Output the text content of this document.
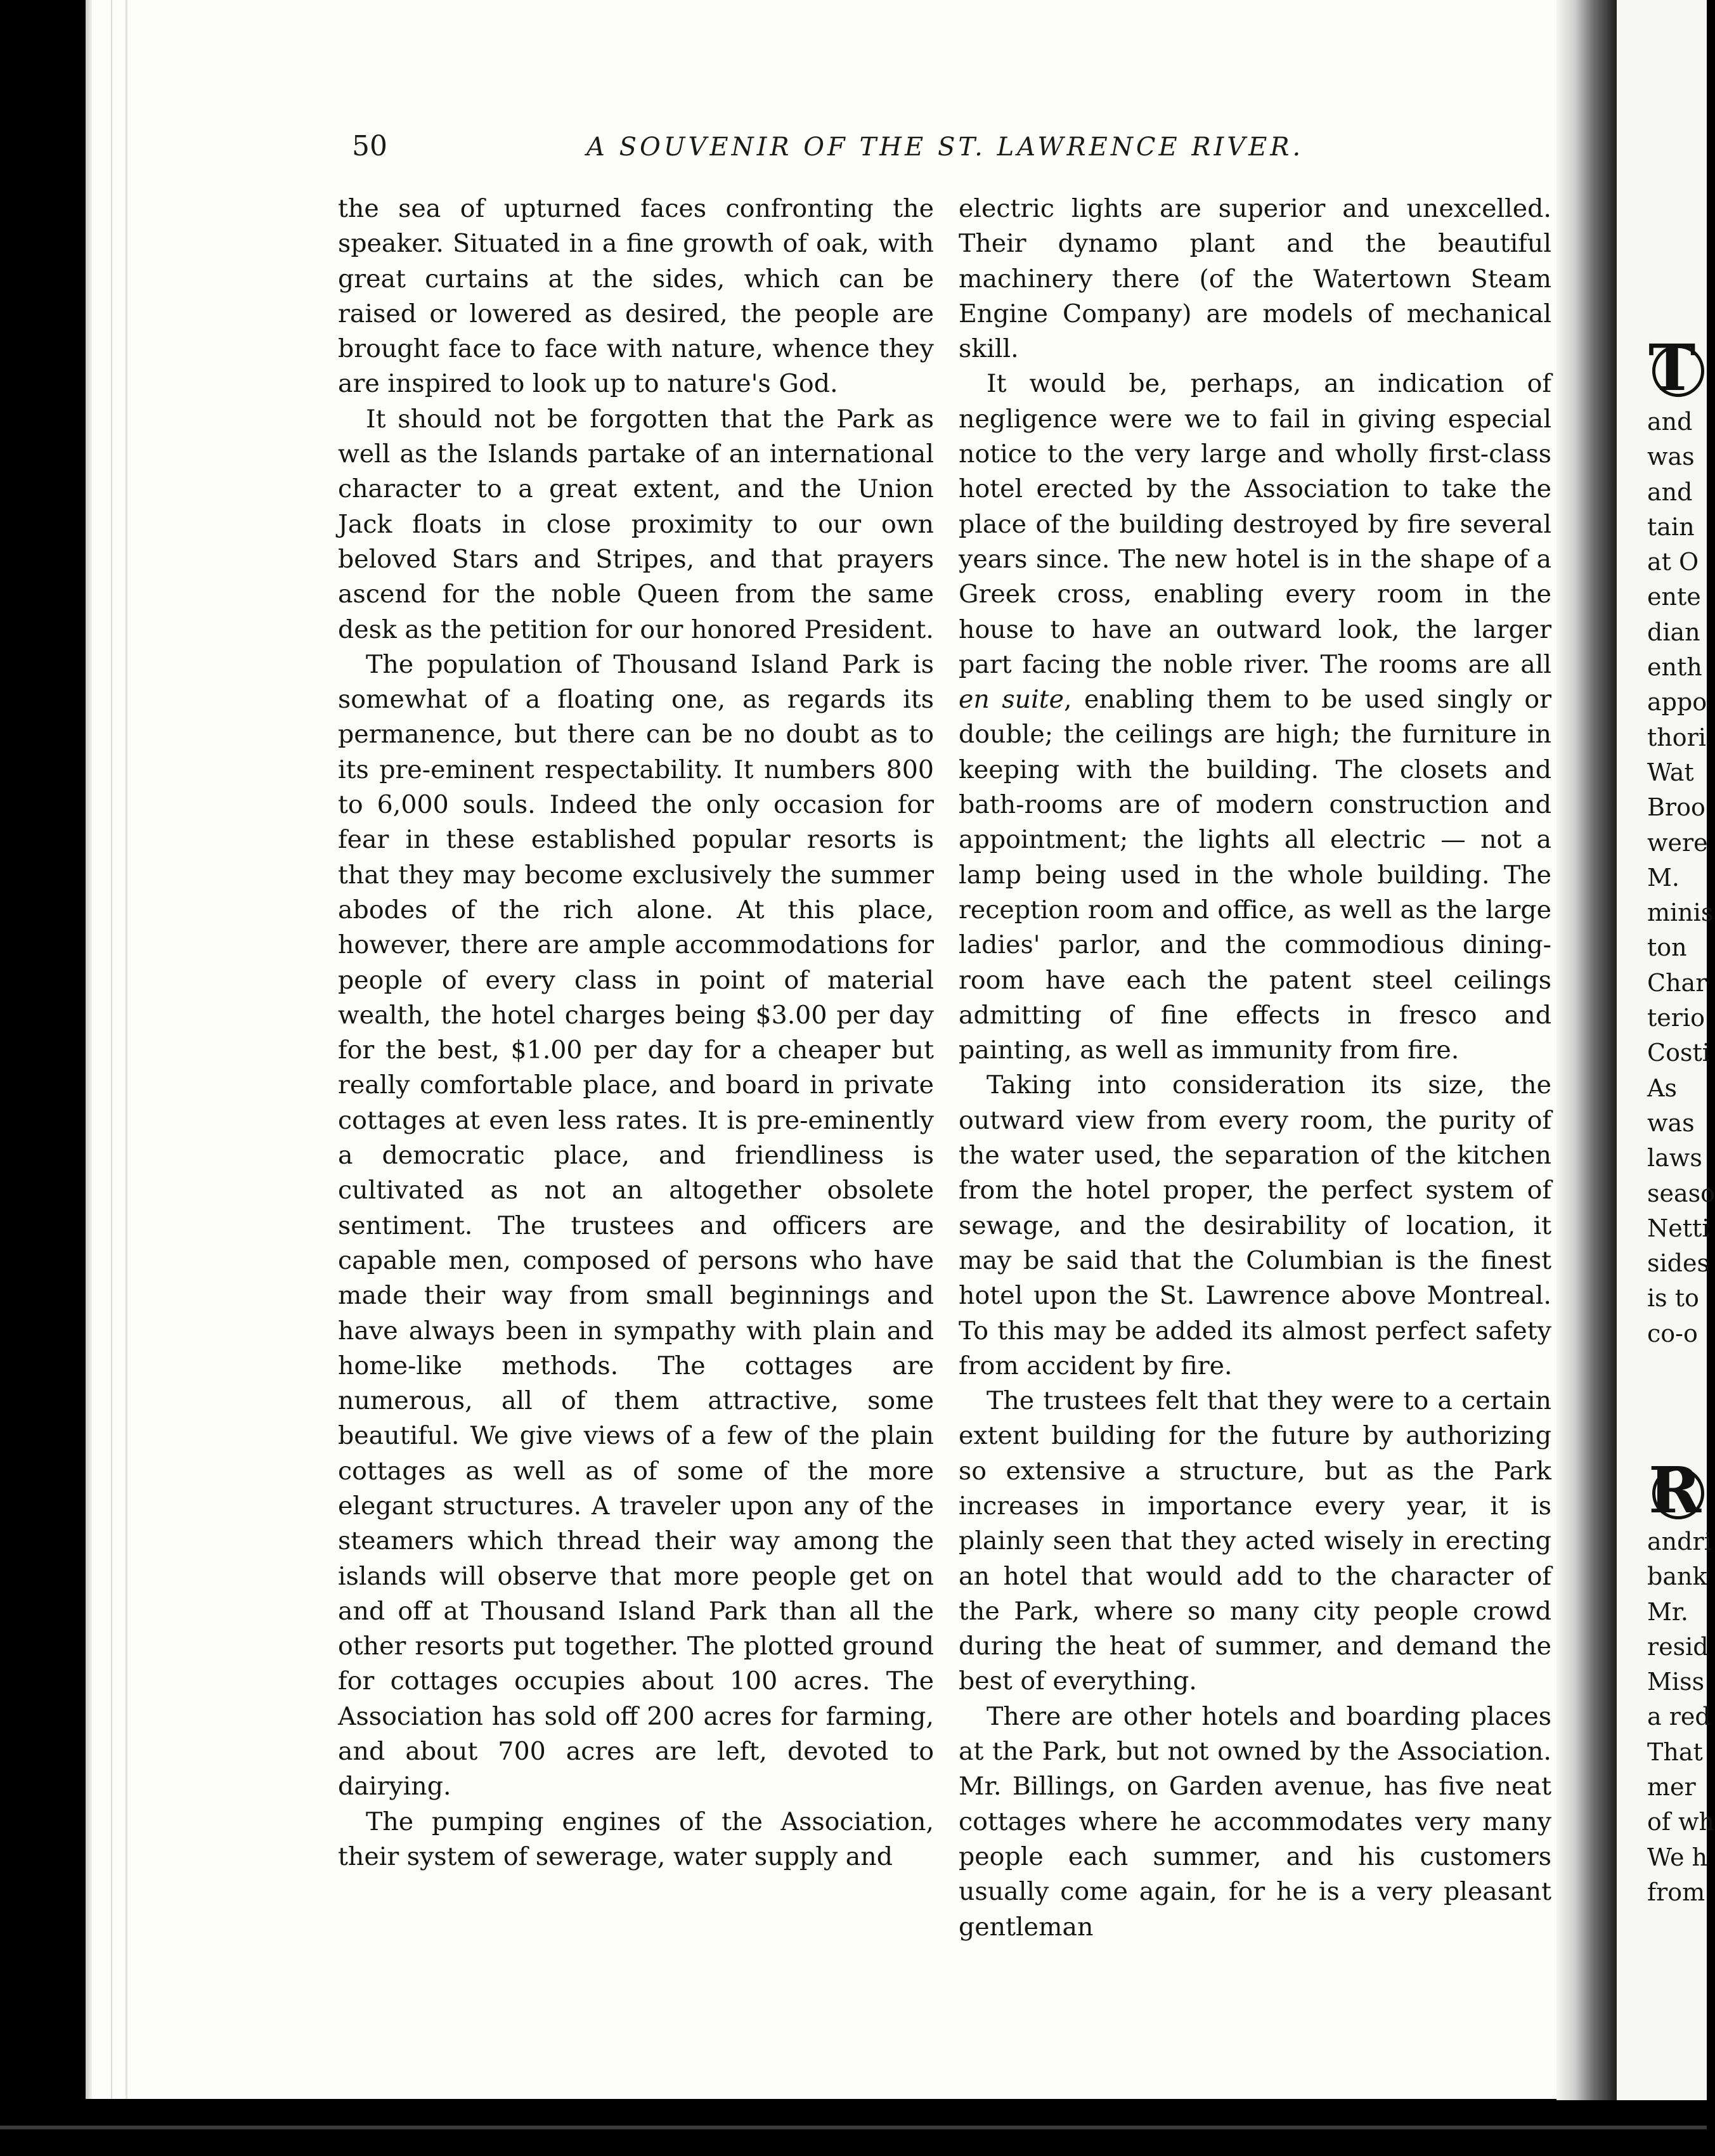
50	A SOUVENIR OF THE ST. LAWRENCE RIVER.

the sea of upturned faces confronting the speaker. Situated in a fine growth of oak, with great curtains at the sides, which can be raised or lowered as desired, the people are brought face to face with nature, whence they are inspired to look up to nature's God.

It should not be forgotten that the Park as well as the Islands partake of an international character to a great extent, and the Union Jack floats in close proximity to our own beloved Stars and Stripes, and that prayers ascend for the noble Queen from the same desk as the petition for our honored President.

The population of Thousand Island Park is somewhat of a floating one, as regards its permanence, but there can be no doubt as to its pre-eminent respectability. It numbers 800 to 6,000 souls. Indeed the only occasion for fear in these established popular resorts is that they may become exclusively the summer abodes of the rich alone. At this place, however, there are ample accommodations for people of every class in point of material wealth, the hotel charges being $3.00 per day for the best, $1.00 per day for a cheaper but really comfortable place, and board in private cottages at even less rates. It is pre-eminently a democratic place, and friendliness is cultivated as not an altogether obsolete sentiment. The trustees and officers are capable men, composed of persons who have made their way from small beginnings and have always been in sympathy with plain and home-like methods. The cottages are numerous, all of them attractive, some beautiful. We give views of a few of the plain cottages as well as of some of the more elegant structures. A traveler upon any of the steamers which thread their way among the islands will observe that more people get on and off at Thousand Island Park than all the other resorts put together. The plotted ground for cottages occupies about 100 acres. The Association has sold off 200 acres for farming, and about 700 acres are left, devoted to dairying.

The pumping engines of the Association, their system of sewerage, water supply and

electric lights are superior and unexcelled. Their dynamo plant and the beautiful machinery there (of the Watertown Steam Engine Company) are models of mechanical skill.

It would be, perhaps, an indication of negligence were we to fail in giving especial notice to the very large and wholly first-class hotel erected by the Association to take the place of the building destroyed by fire several years since. The new hotel is in the shape of a Greek cross, enabling every room in the house to have an outward look, the larger part facing the noble river. The rooms are all en suite, enabling them to be used singly or double; the ceilings are high; the furniture in keeping with the building. The closets and bath-rooms are of modern construction and appointment; the lights all electric — not a lamp being used in the whole building. The reception room and office, as well as the large ladies' parlor, and the commodious dining-room have each the patent steel ceilings admitting of fine effects in fresco and painting, as well as immunity from fire.

Taking into consideration its size, the outward view from every room, the purity of the water used, the separation of the kitchen from the hotel proper, the perfect system of sewage, and the desirability of location, it may be said that the Columbian is the finest hotel upon the St. Lawrence above Montreal. To this may be added its almost perfect safety from accident by fire.

The trustees felt that they were to a certain extent building for the future by authorizing so extensive a structure, but as the Park increases in importance every year, it is plainly seen that they acted wisely in erecting an hotel that would add to the character of the Park, where so many city people crowd during the heat of summer, and demand the best of everything.

There are other hotels and boarding places at the Park, but not owned by the Association. Mr. Billings, on Garden avenue, has five neat cottages where he accommodates very many people each summer, and his customers usually come again, for he is a very pleasant gentleman

T
and
was
and
tain
at O
ente
dian
enth
appo
thori
Wat
Broo
were
M.
minis
ton
Char
terio
Costi
As
was
laws
seaso
Netti
sides
is to
co-o
R
andri
bank
Mr.
resid
Miss
a red
That
mer
of wh
We h
from
